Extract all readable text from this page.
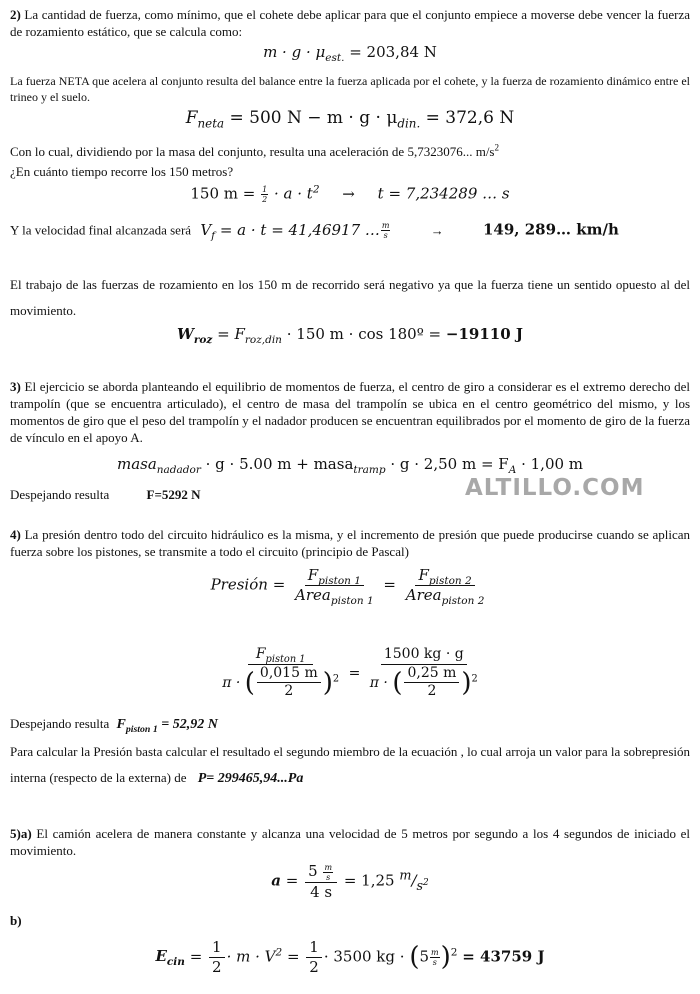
2) La cantidad de fuerza, como mínimo, que el cohete debe aplicar para que el conjunto empiece a moverse debe vencer la fuerza de rozamiento estático, que se calcula como:

$m \cdot g \cdot \mu_{est.} = 203,84$ N

La fuerza NETA que acelera al conjunto resulta del balance entre la fuerza aplicada por el cohete, y la fuerza de rozamiento dinámico entre el trineo y el suelo.

$F_{neta} = 500$ $N - m \cdot g \cdot \mu_{din.} = 372,6$ N

Con lo cual, dividiendo por la masa del conjunto, resulta una aceleración de 5,7323076... $m/s^2$

¿En cuánto tiempo recorre los 150 metros?

150 $m = \frac{1}{2} \cdot a \cdot t^2 \to t = 7,234289$ … s
Y la velocidad final alcanzada será $V_f = a \cdot t = 41,46917$ … $\frac{m}{s}$	→	149, 289… km/h

El trabajo de las fuerzas de rozamiento en los 150 m de recorrido será negativo ya que la fuerza tiene un sentido opuesto al del movimiento.

$W_{roz} = F_{roz,din} \cdot 150$ m · cos 180º = −19110 J

3) El ejercicio se aborda planteando el equilibrio de momentos de fuerza, el centro de giro a considerar es el extremo derecho del trampolín (que se encuentra articulado), el centro de masa del trampolín se ubica en el centro geométrico del mismo, y los momentos de giro que el peso del trampolín y el nadador producen se encuentran equilibrados por el momento de giro de la fuerza de vínculo en el apoyo A.

masa$_{nadador}$ · g · 5.00 m + masa$_{tramp}$ · g · 2,50 $m = F_A \cdot 1,00$ m
Despejando resulta	F=5292 N

4) La presión dentro todo del circuito hidráulico es la misma, y el incremento de presión que puede producirse cuando se aplican fuerza sobre los pistones, se transmite a todo el circuito (principio de Pascal)

Presión = $\frac{F_{piston 1}}{Area_{piston 1}} = \frac{F_{piston 2}}{Area_{piston 2}}$
$\frac{F_{piston 1}}{\pi \cdot ( \frac{0,015 m}{2} )^2} = \frac{1500 kg \cdot g}{\pi \cdot ( \frac{0,25 m}{2} )^2}$
Despejando resulta $F_{piston 1} = 52,92$ N

Para calcular la Presión basta calcular el resultado el segundo miembro de la ecuación , lo cual arroja un valor para la sobrepresión interna (respecto de la externa) de P= 299465,94...Pa

5)a) El camión acelera de manera constante y alcanza una velocidad de 5 metros por segundo a los 4 segundos de iniciado el movimiento.

$a = \frac{5 \frac{m}{s}}{4 s} = 1,25$ $^m/_{s^2}$

b)

$E_{cin} = \frac{1}{2} \cdot m \cdot V^2 = \frac{1}{2} \cdot 3500$ kg · $(5 \frac{m}{s} )^2 = 43759$ J
ALTILLO.COM
